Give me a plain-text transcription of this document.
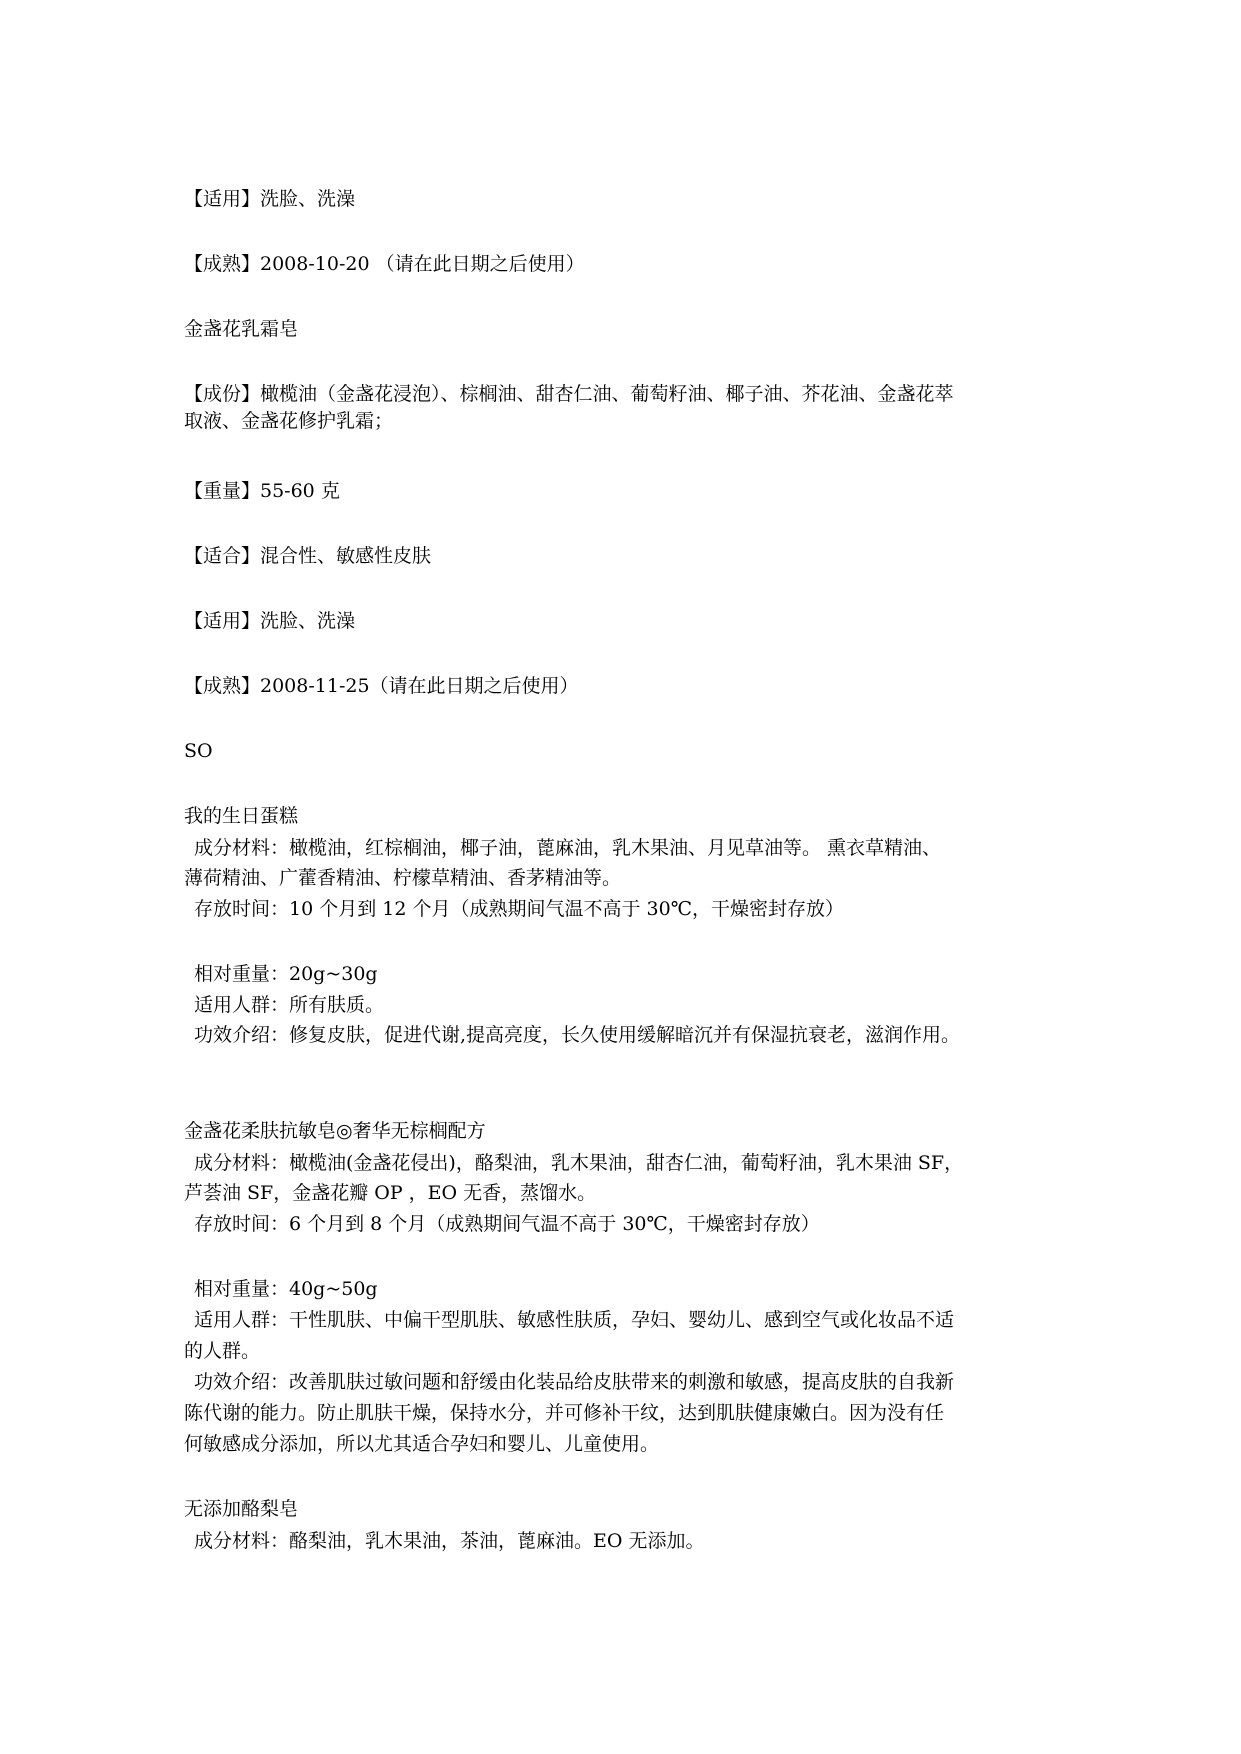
【适用】洗脸、洗澡
【成熟】2008-10-20 （请在此日期之后使用）
金盏花乳霜皂
【成份】橄榄油（金盏花浸泡）、棕榈油、甜杏仁油、葡萄籽油、椰子油、芥花油、金盏花萃
取液、金盏花修护乳霜；
【重量】55-60 克
【适合】混合性、敏感性皮肤
【适用】洗脸、洗澡
【成熟】2008-11-25（请在此日期之后使用）
SO
我的生日蛋糕
成分材料：橄榄油，红棕榈油，椰子油，蓖麻油，乳木果油、月见草油等。 熏衣草精油、
薄荷精油、广藿香精油、柠檬草精油、香茅精油等。
存放时间：10 个月到 12 个月（成熟期间气温不高于 30℃，干燥密封存放）
相对重量：20g~30g
适用人群：所有肤质。
功效介绍：修复皮肤，促进代谢,提高亮度，长久使用缓解暗沉并有保湿抗衰老，滋润作用。
金盏花柔肤抗敏皂◎奢华无棕榈配方
成分材料：橄榄油(金盏花侵出)，酪梨油，乳木果油，甜杏仁油，葡萄籽油，乳木果油 SF，
芦荟油 SF，金盏花瓣 OP ，EO 无香，蒸馏水。
存放时间：6 个月到 8 个月（成熟期间气温不高于 30℃，干燥密封存放）
相对重量：40g~50g
适用人群：干性肌肤、中偏干型肌肤、敏感性肤质，孕妇、婴幼儿、感到空气或化妆品不适
的人群。
功效介绍：改善肌肤过敏问题和舒缓由化装品给皮肤带来的刺激和敏感，提高皮肤的自我新
陈代谢的能力。防止肌肤干燥，保持水分，并可修补干纹，达到肌肤健康嫩白。因为没有任
何敏感成分添加，所以尤其适合孕妇和婴儿、儿童使用。
无添加酪梨皂
成分材料：酪梨油，乳木果油，茶油，蓖麻油。EO 无添加。
